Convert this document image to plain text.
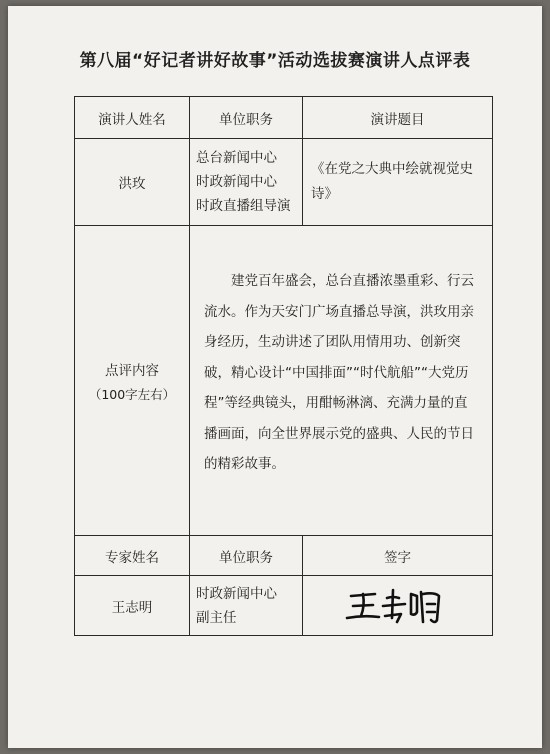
第八届“好记者讲好故事”活动选拔赛演讲人点评表
演讲人姓名	单位职务	演讲题目
洪玫	总台新闻中心
时政新闻中心
时政直播组导演	《在党之大典中绘就视觉史诗》
点评内容
（100字左右）	建党百年盛会，总台直播浓墨重彩、行云流水。作为天安门广场直播总导演，洪玫用亲身经历，生动讲述了团队用情用功、创新突破，精心设计“中国排面”“时代航船”“大党历程”等经典镜头，用酣畅淋漓、充满力量的直播画面，向全世界展示党的盛典、人民的节日的精彩故事。	
专家姓名	单位职务	签字
王志明	时政新闻中心
副主任
